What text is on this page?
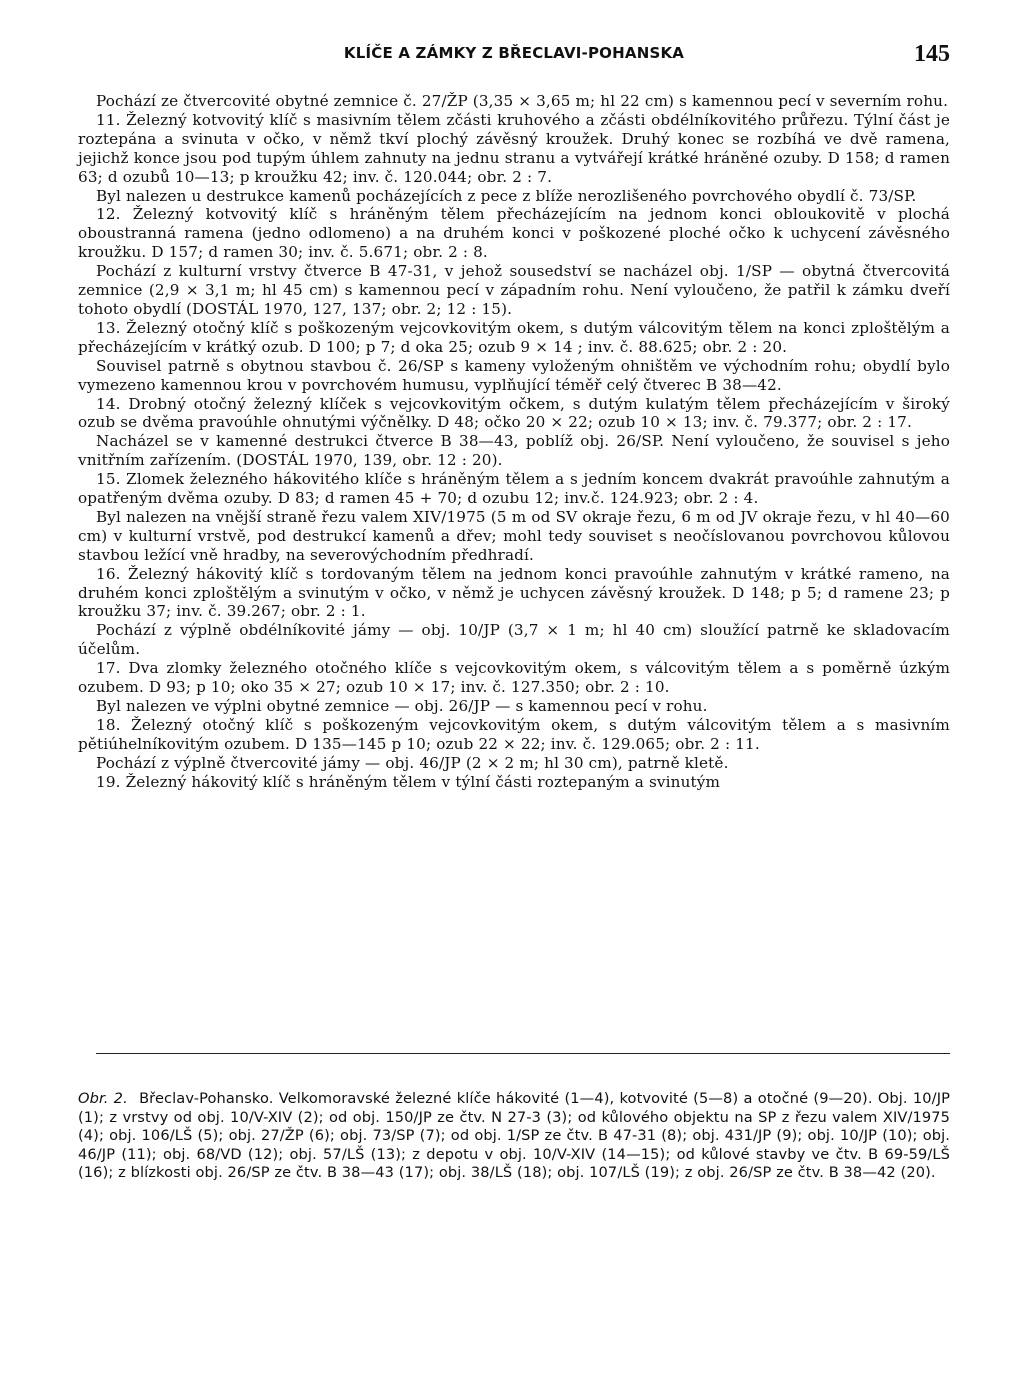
KLÍČE A ZÁMKY Z BŘECLAVI-POHANSKA	145

Pochází ze čtvercovité obytné zemnice č. 27/ŽP (3,35 × 3,65 m; hl 22 cm) s kamennou pecí v severním rohu.

11. Železný kotvovitý klíč s masivním tělem zčásti kruhového a zčásti obdélníkovitého průřezu. Týlní část je roztepána a svinuta v očko, v němž tkví plochý závěsný kroužek. Druhý konec se rozbíhá ve dvě ramena, jejichž konce jsou pod tupým úhlem zahnuty na jednu stranu a vytvářejí krátké hráněné ozuby. D 158; d ramen 63; d ozubů 10—13; p kroužku 42; inv. č. 120.044; obr. 2 : 7.

Byl nalezen u destrukce kamenů pocházejících z pece z blíže nerozlišeného povrchového obydlí č. 73/SP.

12. Železný kotvovitý klíč s hráněným tělem přecházejícím na jednom konci obloukovitě v plochá oboustranná ramena (jedno odlomeno) a na druhém konci v poškozené ploché očko k uchycení závěsného kroužku. D 157; d ramen 30; inv. č. 5.671; obr. 2 : 8.

Pochází z kulturní vrstvy čtverce B 47-31, v jehož sousedství se nacházel obj. 1/SP — obytná čtvercovitá zemnice (2,9 × 3,1 m; hl 45 cm) s kamennou pecí v západním rohu. Není vyloučeno, že patřil k zámku dveří tohoto obydlí (DOSTÁL 1970, 127, 137; obr. 2; 12 : 15).

13. Železný otočný klíč s poškozeným vejcovkovitým okem, s dutým válcovitým tělem na konci zploštělým a přecházejícím v krátký ozub. D 100; p 7; d oka 25; ozub 9 × 14 ; inv. č. 88.625; obr. 2 : 20.

Souvisel patrně s obytnou stavbou č. 26/SP s kameny vyloženým ohništěm ve východním rohu; obydlí bylo vymezeno kamennou krou v povrchovém humusu, vyplňující téměř celý čtverec B 38—42.

14. Drobný otočný železný klíček s vejcovkovitým očkem, s dutým kulatým tělem přecházejícím v široký ozub se dvěma pravoúhle ohnutými výčnělky. D 48; očko 20 × 22; ozub 10 × 13; inv. č. 79.377; obr. 2 : 17.

Nacházel se v kamenné destrukci čtverce B 38—43, poblíž obj. 26/SP. Není vyloučeno, že souvisel s jeho vnitřním zařízením. (DOSTÁL 1970, 139, obr. 12 : 20).

15. Zlomek železného hákovitého klíče s hráněným tělem a s jedním koncem dvakrát pravoúhle zahnutým a opatřeným dvěma ozuby. D 83; d ramen 45 + 70; d ozubu 12; inv.č. 124.923; obr. 2 : 4.

Byl nalezen na vnější straně řezu valem XIV/1975 (5 m od SV okraje řezu, 6 m od JV okraje řezu, v hl 40—60 cm) v kulturní vrstvě, pod destrukcí kamenů a dřev; mohl tedy souviset s neočíslovanou povrchovou kůlovou stavbou ležící vně hradby, na severovýchodním předhradí.

16. Železný hákovitý klíč s tordovaným tělem na jednom konci pravoúhle zahnutým v krátké rameno, na druhém konci zploštělým a svinutým v očko, v němž je uchycen závěsný kroužek. D 148; p 5; d ramene 23; p kroužku 37; inv. č. 39.267; obr. 2 : 1.

Pochází z výplně obdélníkovité jámy — obj. 10/JP (3,7 × 1 m; hl 40 cm) sloužící patrně ke skladovacím účelům.

17. Dva zlomky železného otočného klíče s vejcovkovitým okem, s válcovitým tělem a s poměrně úzkým ozubem. D 93; p 10; oko 35 × 27; ozub 10 × 17; inv. č. 127.350; obr. 2 : 10.

Byl nalezen ve výplni obytné zemnice — obj. 26/JP — s kamennou pecí v rohu.

18. Železný otočný klíč s poškozeným vejcovkovitým okem, s dutým válcovitým tělem a s masivním pětiúhelníkovitým ozubem. D 135—145 p 10; ozub 22 × 22; inv. č. 129.065; obr. 2 : 11.

Pochází z výplně čtvercovité jámy — obj. 46/JP (2 × 2 m; hl 30 cm), patrně kletě.

19. Železný hákovitý klíč s hráněným tělem v týlní části roztepaným a svinutým

Obr. 2. Břeclav-Pohansko. Velkomoravské železné klíče hákovité (1—4), kotvovité (5—8) a otočné (9—20). Obj. 10/JP (1); z vrstvy od obj. 10/V-XIV (2); od obj. 150/JP ze čtv. N 27-3 (3); od kůlového objektu na SP z řezu valem XIV/1975 (4); obj. 106/LŠ (5); obj. 27/ŽP (6); obj. 73/SP (7); od obj. 1/SP ze čtv. B 47-31 (8); obj. 431/JP (9); obj. 10/JP (10); obj. 46/JP (11); obj. 68/VD (12); obj. 57/LŠ (13); z depotu v obj. 10/V-XIV (14—15); od kůlové stavby ve čtv. B 69-59/LŠ (16); z blízkosti obj. 26/SP ze čtv. B 38—43 (17); obj. 38/LŠ (18); obj. 107/LŠ (19); z obj. 26/SP ze čtv. B 38—42 (20).
